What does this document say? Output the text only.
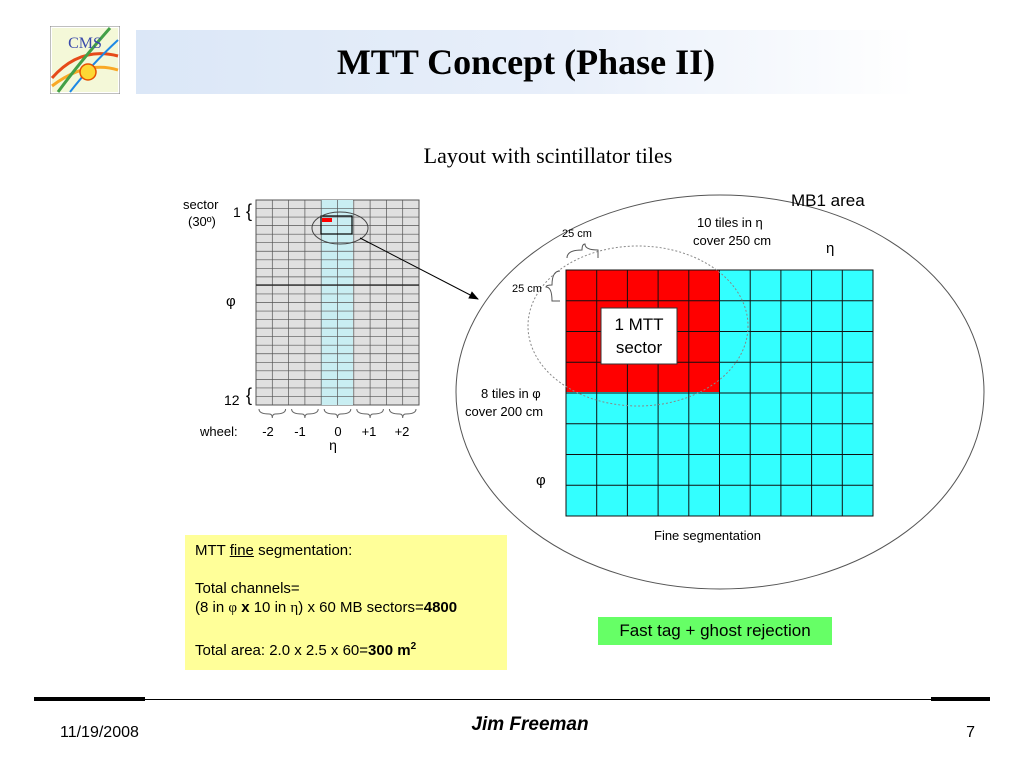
CMS	MTT Concept (Phase II)
Layout with scintillator tiles
sector
(30º)
1 {
φ
12 {
wheel: -2 -1 0 +1 +2
η
1 MTT
sector
MB1 area
10 tiles in η
cover 250 cm	η
25 cm
25 cm
8 tiles in φ
cover 200 cm
φ
Fine segmentation
MTT fine segmentation:

Total channels=
(8 in φ x 10 in η) x 60 MB sectors=4800

Total area: 2.0 x 2.5 x 60=300 $m^2$
Fast tag + ghost rejection
11/19/2008	Jim Freeman	7
